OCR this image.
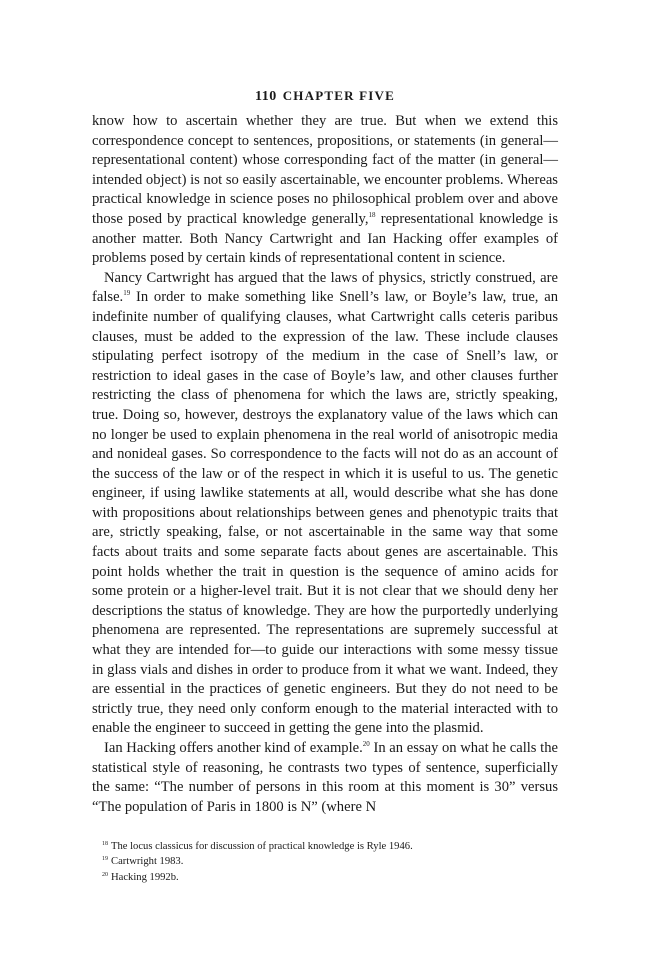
110 CHAPTER FIVE

know how to ascertain whether they are true. But when we extend this correspondence concept to sentences, propositions, or statements (in general—representational content) whose corresponding fact of the matter (in general—intended object) is not so easily ascertainable, we encounter problems. Whereas practical knowledge in science poses no philosophical problem over and above those posed by practical knowledge generally,$^{18}$ representational knowledge is another matter. Both Nancy Cartwright and Ian Hacking offer examples of problems posed by certain kinds of representational content in science.

Nancy Cartwright has argued that the laws of physics, strictly construed, are false.$^{19}$ In order to make something like Snell’s law, or Boyle’s law, true, an indefinite number of qualifying clauses, what Cartwright calls ceteris paribus clauses, must be added to the expression of the law. These include clauses stipulating perfect isotropy of the medium in the case of Snell’s law, or restriction to ideal gases in the case of Boyle’s law, and other clauses further restricting the class of phenomena for which the laws are, strictly speaking, true. Doing so, however, destroys the explanatory value of the laws which can no longer be used to explain phenomena in the real world of anisotropic media and nonideal gases. So correspondence to the facts will not do as an account of the success of the law or of the respect in which it is useful to us. The genetic engineer, if using lawlike statements at all, would describe what she has done with propositions about relationships between genes and phenotypic traits that are, strictly speaking, false, or not ascertainable in the same way that some facts about traits and some separate facts about genes are ascertainable. This point holds whether the trait in question is the sequence of amino acids for some protein or a higher-level trait. But it is not clear that we should deny her descriptions the status of knowledge. They are how the purportedly underlying phenomena are represented. The representations are supremely successful at what they are intended for—to guide our interactions with some messy tissue in glass vials and dishes in order to produce from it what we want. Indeed, they are essential in the practices of genetic engineers. But they do not need to be strictly true, they need only conform enough to the material interacted with to enable the engineer to succeed in getting the gene into the plasmid.

Ian Hacking offers another kind of example.$^{20}$ In an essay on what he calls the statistical style of reasoning, he contrasts two types of sentence, superficially the same: “The number of persons in this room at this moment is 30” versus “The population of Paris in 1800 is N” (where N

$^{18}$ The locus classicus for discussion of practical knowledge is Ryle 1946.
$^{19}$ Cartwright 1983.
$^{20}$ Hacking 1992b.
